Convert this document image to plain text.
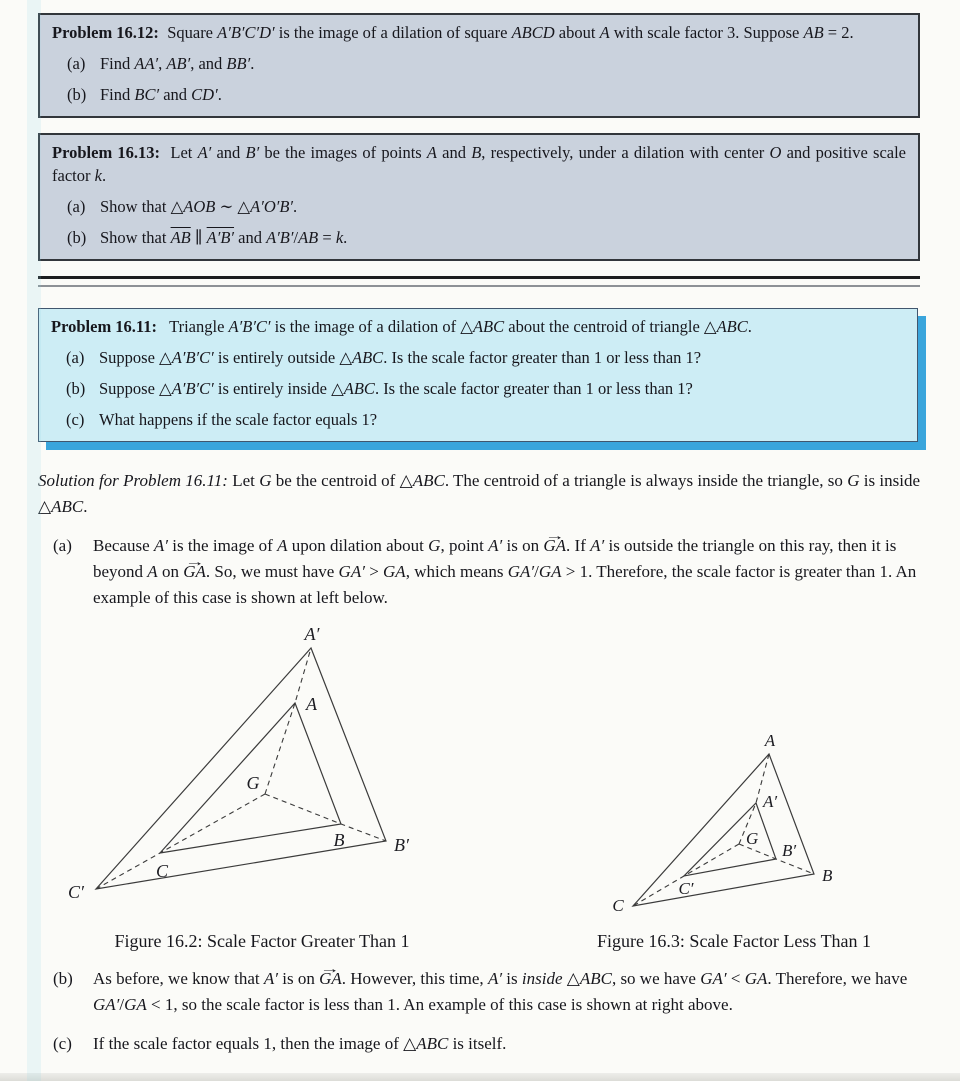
Problem 16.12:  Square A′B′C′D′ is the image of a dilation of square ABCD about A with scale factor 3. Suppose AB = 2.

(a) Find AA′, AB′, and BB′.
(b) Find BC′ and CD′.

Problem 16.13:  Let A′ and B′ be the images of points A and B, respectively, under a dilation with center O and positive scale factor k.

(a) Show that △AOB ∼ △A′O′B′.
(b) Show that $\overline{AB}$ ∥ A′B′ and A′B′/AB = k.

Problem 16.11:   Triangle A′B′C′ is the image of a dilation of △ABC about the centroid of triangle △ABC.

(a) Suppose △A′B′C′ is entirely outside △ABC. Is the scale factor greater than 1 or less than 1?
(b) Suppose △A′B′C′ is entirely inside △ABC. Is the scale factor greater than 1 or less than 1?
(c) What happens if the scale factor equals 1?

Solution for Problem 16.11: Let G be the centroid of △ABC. The centroid of a triangle is always inside the triangle, so G is inside △ABC.

(a)	Because A′ is the image of A upon dilation about G, point A′ is on GA →. If A′ is outside the triangle on this ray, then it is beyond A on GA →. So, we must have GA′ > GA, which means GA′/GA > 1. Therefore, the scale factor is greater than 1. An example of this case is shown at left below.
A′
A
G
B	B′
C
C′
Figure 16.2: Scale Factor Greater Than 1
A
A′
G
B′
B
C′
C
Figure 16.3: Scale Factor Less Than 1
(b)	As before, we know that A′ is on GA →. However, this time, A′ is inside △ABC, so we have GA′ < GA. Therefore, we have GA′/GA < 1, so the scale factor is less than 1. An example of this case is shown at right above.
(c)	If the scale factor equals 1, then the image of △ABC is itself.
